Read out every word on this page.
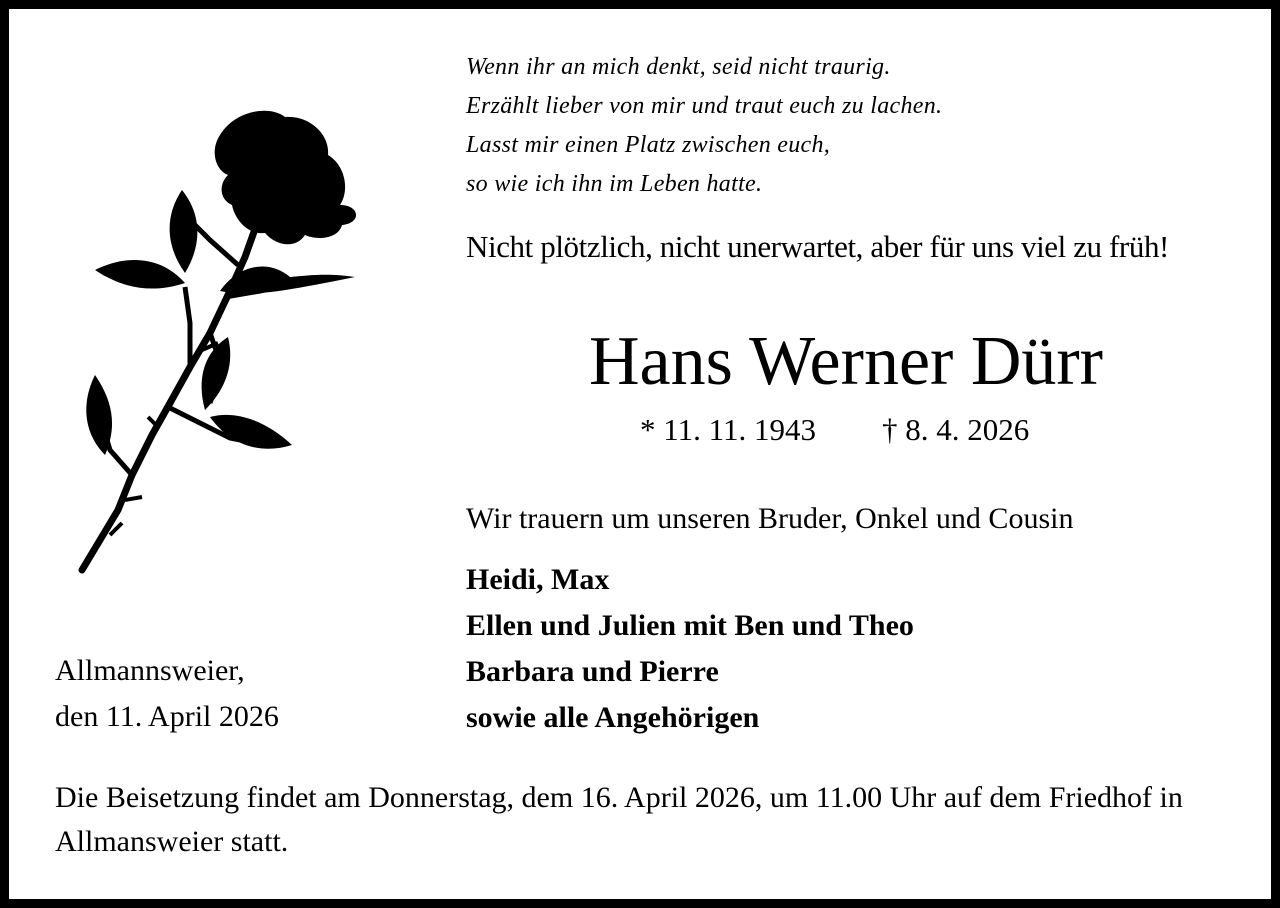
Wenn ihr an mich denkt, seid nicht traurig.
Erzählt lieber von mir und traut euch zu lachen.
Lasst mir einen Platz zwischen euch,
so wie ich ihn im Leben hatte.
Nicht plötzlich, nicht unerwartet, aber für uns viel zu früh!
Hans Werner Dürr
* 11. 11. 1943 † 8. 4. 2026
Wir trauern um unseren Bruder, Onkel und Cousin
Heidi, Max
Ellen und Julien mit Ben und Theo
Barbara und Pierre
sowie alle Angehörigen
Allmannsweier,
den 11. April 2026
Die Beisetzung findet am Donnerstag, dem 16. April 2026, um 11.00 Uhr auf dem Friedhof in Allmansweier statt.
